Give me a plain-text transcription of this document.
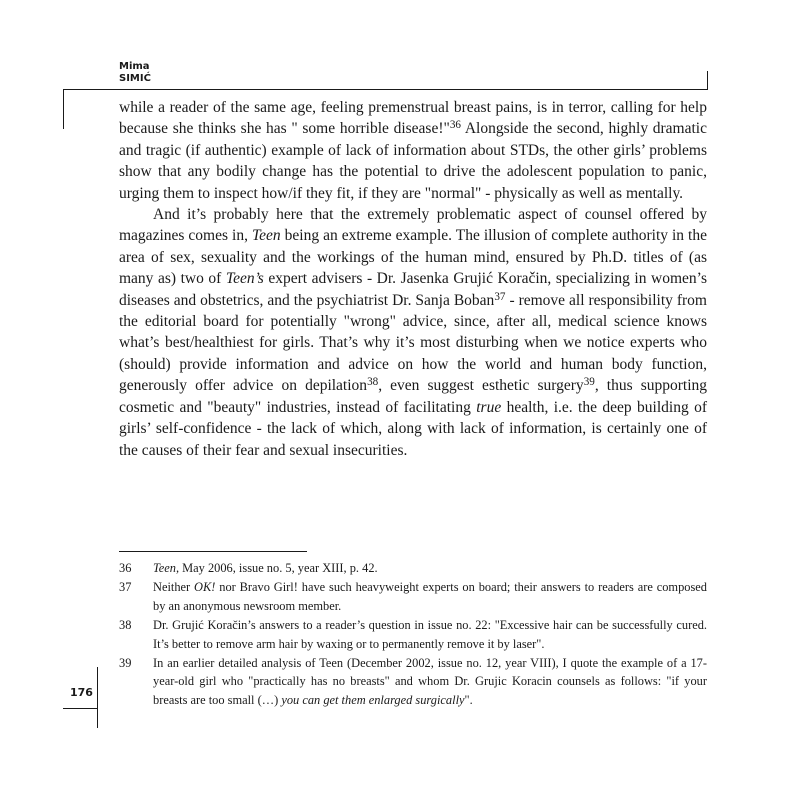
Mima
SIMIĆ

while a reader of the same age, feeling premenstrual breast pains, is in terror, calling for help because she thinks she has " some horrible disease!"$^{36}$ Alongside the second, highly dramatic and tragic (if authentic) example of lack of information about STDs, the other girls’ problems show that any bodily change has the potential to drive the adolescent population to panic, urging them to inspect how/if they fit, if they are "normal" - physically as well as mentally.

And it’s probably here that the extremely problematic aspect of counsel offered by magazines comes in, Teen being an extreme example. The illusion of complete authority in the area of sex, sexuality and the workings of the human mind, ensured by Ph.D. titles of (as many as) two of Teen’s expert advisers - Dr. Jasenka Grujić Koračin, specializing in women’s diseases and obstetrics, and the psychiatrist Dr. Sanja Boban$^{37}$ - remove all responsibility from the editorial board for potentially "wrong" advice, since, after all, medical science knows what’s best/healthiest for girls. That’s why it’s most disturbing when we notice experts who (should) provide information and advice on how the world and human body function, generously offer advice on depilation$^{38}$, even suggest esthetic surgery$^{39}$, thus supporting cosmetic and "beauty" industries, instead of facilitating true health, i.e. the deep building of girls’ self-confidence - the lack of which, along with lack of information, is certainly one of the causes of their fear and sexual insecurities.

36 Teen, May 2006, issue no. 5, year XIII, p. 42.
37 Neither OK! nor Bravo Girl! have such heavyweight experts on board; their answers to readers are composed by an anonymous newsroom member.
38 Dr. Grujić Koračin’s answers to a reader’s question in issue no. 22: "Excessive hair can be successfully cured. It’s better to remove arm hair by waxing or to permanently remove it by laser".
39 In an earlier detailed analysis of Teen (December 2002, issue no. 12, year VIII), I quote the example of a 17-year-old girl who "practically has no breasts" and whom Dr. Grujic Koracin counsels as follows: "if your breasts are too small (…) you can get them enlarged surgically".
176
